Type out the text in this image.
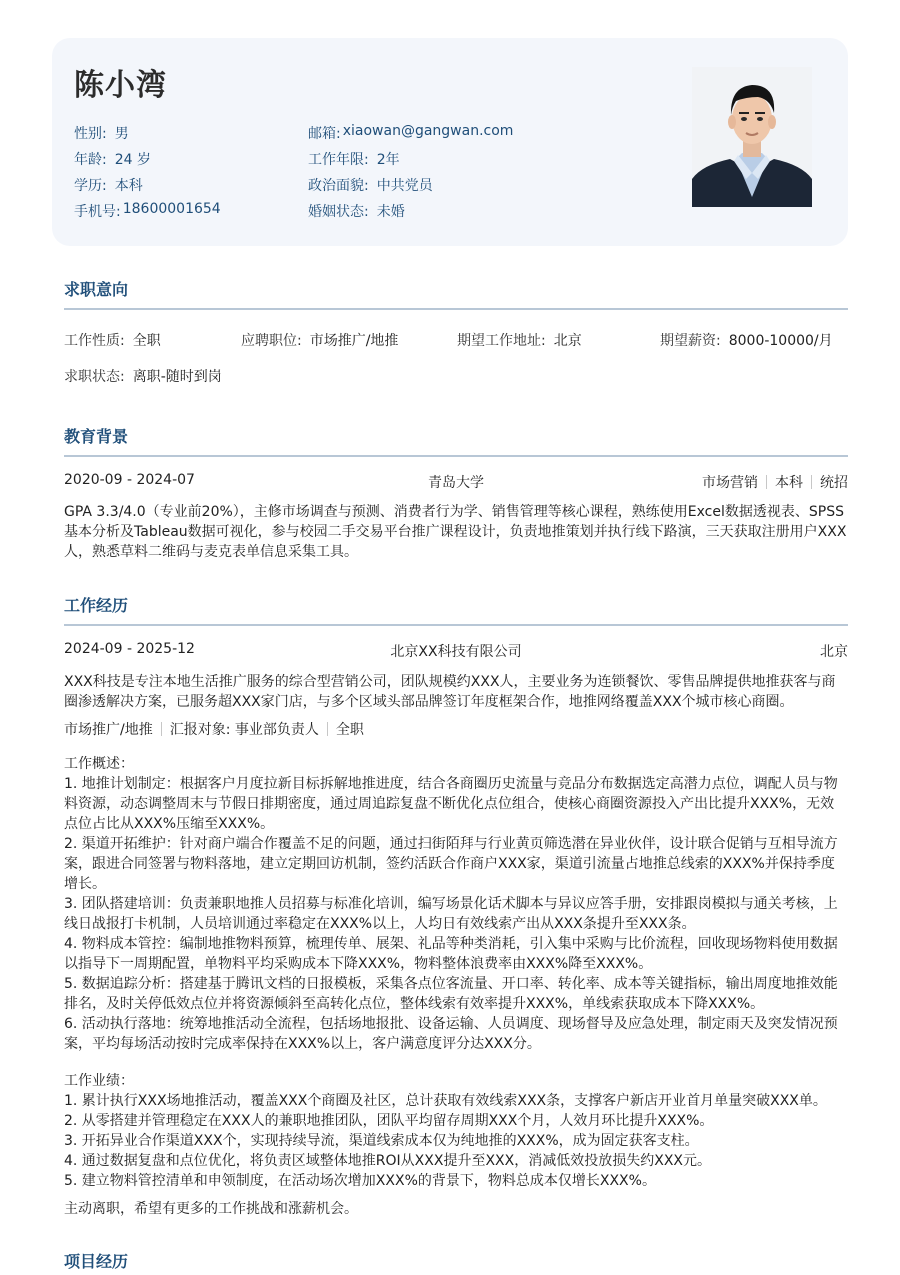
陈小湾
性别: 男	邮箱: xiaowan@gangwan.com
年龄: 24 岁	工作年限: 2年
学历: 本科	政治面貌: 中共党员
手机号: 18600001654	婚姻状态: 未婚
求职意向
工作性质: 全职	应聘职位: 市场推广/地推	期望工作地址: 北京	期望薪资: 8000-10000/月
求职状态: 离职-随时到岗
教育背景
2020-09 - 2024-07	青岛大学	市场营销 本科 统招
GPA 3.3/4.0（专业前20%），主修市场调查与预测、消费者行为学、销售管理等核心课程，熟练使用Excel数据透视表、SPSS基本分析及Tableau数据可视化，参与校园二手交易平台推广课程设计，负责地推策划并执行线下路演，三天获取注册用户XXX人，熟悉草料二维码与麦克表单信息采集工具。
工作经历
2024-09 - 2025-12	北京XX科技有限公司	北京
XXX科技是专注本地生活推广服务的综合型营销公司，团队规模约XXX人，主要业务为连锁餐饮、零售品牌提供地推获客与商圈渗透解决方案，已服务超XXX家门店，与多个区域头部品牌签订年度框架合作，地推网络覆盖XXX个城市核心商圈。
市场推广/地推 汇报对象: 事业部负责人 全职
工作概述：
1. 地推计划制定：根据客户月度拉新目标拆解地推进度，结合各商圈历史流量与竞品分布数据选定高潜力点位，调配人员与物料资源，动态调整周末与节假日排期密度，通过周追踪复盘不断优化点位组合，使核心商圈资源投入产出比提升XXX%，无效点位占比从XXX%压缩至XXX%。
2. 渠道开拓维护：针对商户端合作覆盖不足的问题，通过扫街陌拜与行业黄页筛选潜在异业伙伴，设计联合促销与互相导流方案，跟进合同签署与物料落地，建立定期回访机制，签约活跃合作商户XXX家，渠道引流量占地推总线索的XXX%并保持季度增长。
3. 团队搭建培训：负责兼职地推人员招募与标准化培训，编写场景化话术脚本与异议应答手册，安排跟岗模拟与通关考核，上线日战报打卡机制，人员培训通过率稳定在XXX%以上，人均日有效线索产出从XXX条提升至XXX条。
4. 物料成本管控：编制地推物料预算，梳理传单、展架、礼品等种类消耗，引入集中采购与比价流程，回收现场物料使用数据以指导下一周期配置，单物料平均采购成本下降XXX%，物料整体浪费率由XXX%降至XXX%。
5. 数据追踪分析：搭建基于腾讯文档的日报模板，采集各点位客流量、开口率、转化率、成本等关键指标，输出周度地推效能排名，及时关停低效点位并将资源倾斜至高转化点位，整体线索有效率提升XXX%，单线索获取成本下降XXX%。
6. 活动执行落地：统筹地推活动全流程，包括场地报批、设备运输、人员调度、现场督导及应急处理，制定雨天及突发情况预案，平均每场活动按时完成率保持在XXX%以上，客户满意度评分达XXX分。
工作业绩：
1. 累计执行XXX场地推活动，覆盖XXX个商圈及社区，总计获取有效线索XXX条，支撑客户新店开业首月单量突破XXX单。
2. 从零搭建并管理稳定在XXX人的兼职地推团队，团队平均留存周期XXX个月，人效月环比提升XXX%。
3. 开拓异业合作渠道XXX个，实现持续导流，渠道线索成本仅为纯地推的XXX%，成为固定获客支柱。
4. 通过数据复盘和点位优化，将负责区域整体地推ROI从XXX提升至XXX，消减低效投放损失约XXX元。
5. 建立物料管控清单和申领制度，在活动场次增加XXX%的背景下，物料总成本仅增长XXX%。
主动离职，希望有更多的工作挑战和涨薪机会。
项目经历
